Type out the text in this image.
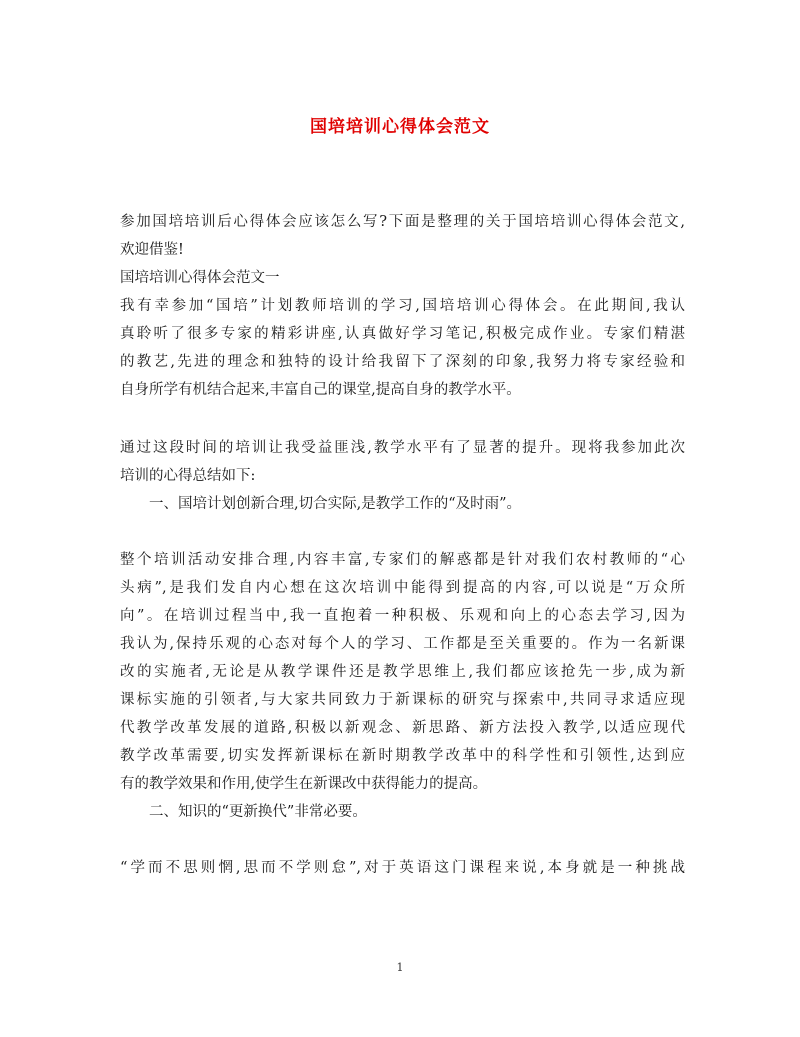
国培培训心得体会范文
参加国培培训后心得体会应该怎么写?下面是整理的关于国培培训心得体会范文,
欢迎借鉴!
国培培训心得体会范文一
我有幸参加“国培”计划教师培训的学习,国培培训心得体会。在此期间,我认
真聆听了很多专家的精彩讲座,认真做好学习笔记,积极完成作业。专家们精湛
的教艺,先进的理念和独特的设计给我留下了深刻的印象,我努力将专家经验和
自身所学有机结合起来,丰富自己的课堂,提高自身的教学水平。
通过这段时间的培训让我受益匪浅,教学水平有了显著的提升。现将我参加此次
培训的心得总结如下:
一、国培计划创新合理,切合实际,是教学工作的“及时雨”。
整个培训活动安排合理,内容丰富,专家们的解惑都是针对我们农村教师的“心
头病”,是我们发自内心想在这次培训中能得到提高的内容,可以说是“万众所
向”。在培训过程当中,我一直抱着一种积极、乐观和向上的心态去学习,因为
我认为,保持乐观的心态对每个人的学习、工作都是至关重要的。作为一名新课
改的实施者,无论是从教学课件还是教学思维上,我们都应该抢先一步,成为新
课标实施的引领者,与大家共同致力于新课标的研究与探索中,共同寻求适应现
代教学改革发展的道路,积极以新观念、新思路、新方法投入教学,以适应现代
教学改革需要,切实发挥新课标在新时期教学改革中的科学性和引领性,达到应
有的教学效果和作用,使学生在新课改中获得能力的提高。
二、知识的“更新换代”非常必要。
“学而不思则惘,思而不学则怠”,对于英语这门课程来说,本身就是一种挑战
1
